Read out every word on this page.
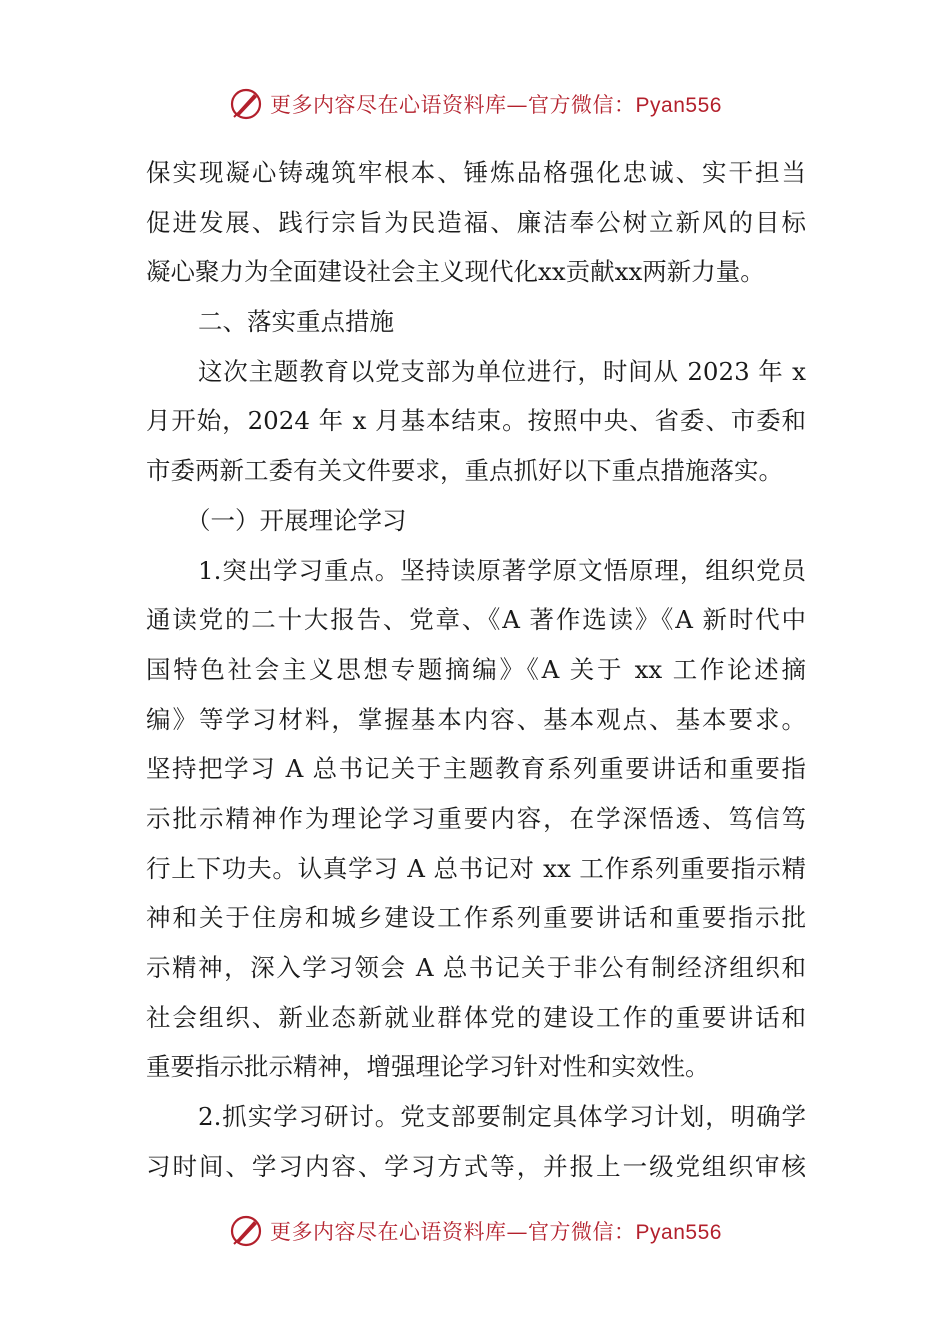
更多内容尽在心语资料库—官方微信：Pyan556
保实现凝心铸魂筑牢根本、锤炼品格强化忠诚、实干担当
促进发展、践行宗旨为民造福、廉洁奉公树立新风的目标
凝心聚力为全面建设社会主义现代化xx贡献xx两新力量。
二、落实重点措施
这次主题教育以党支部为单位进行，时间从 2023 年 x
月开始，2024 年 x 月基本结束。按照中央、省委、市委和
市委两新工委有关文件要求，重点抓好以下重点措施落实。
（一）开展理论学习
1.突出学习重点。坚持读原著学原文悟原理，组织党员
通读党的二十大报告、党章、《A 著作选读》《A 新时代中
国特色社会主义思想专题摘编》《A 关于 xx 工作论述摘
编》等学习材料，掌握基本内容、基本观点、基本要求。
坚持把学习 A 总书记关于主题教育系列重要讲话和重要指
示批示精神作为理论学习重要内容，在学深悟透、笃信笃
行上下功夫。认真学习 A 总书记对 xx 工作系列重要指示精
神和关于住房和城乡建设工作系列重要讲话和重要指示批
示精神，深入学习领会 A 总书记关于非公有制经济组织和
社会组织、新业态新就业群体党的建设工作的重要讲话和
重要指示批示精神，增强理论学习针对性和实效性。
2.抓实学习研讨。党支部要制定具体学习计划，明确学
习时间、学习内容、学习方式等，并报上一级党组织审核
更多内容尽在心语资料库—官方微信：Pyan556
